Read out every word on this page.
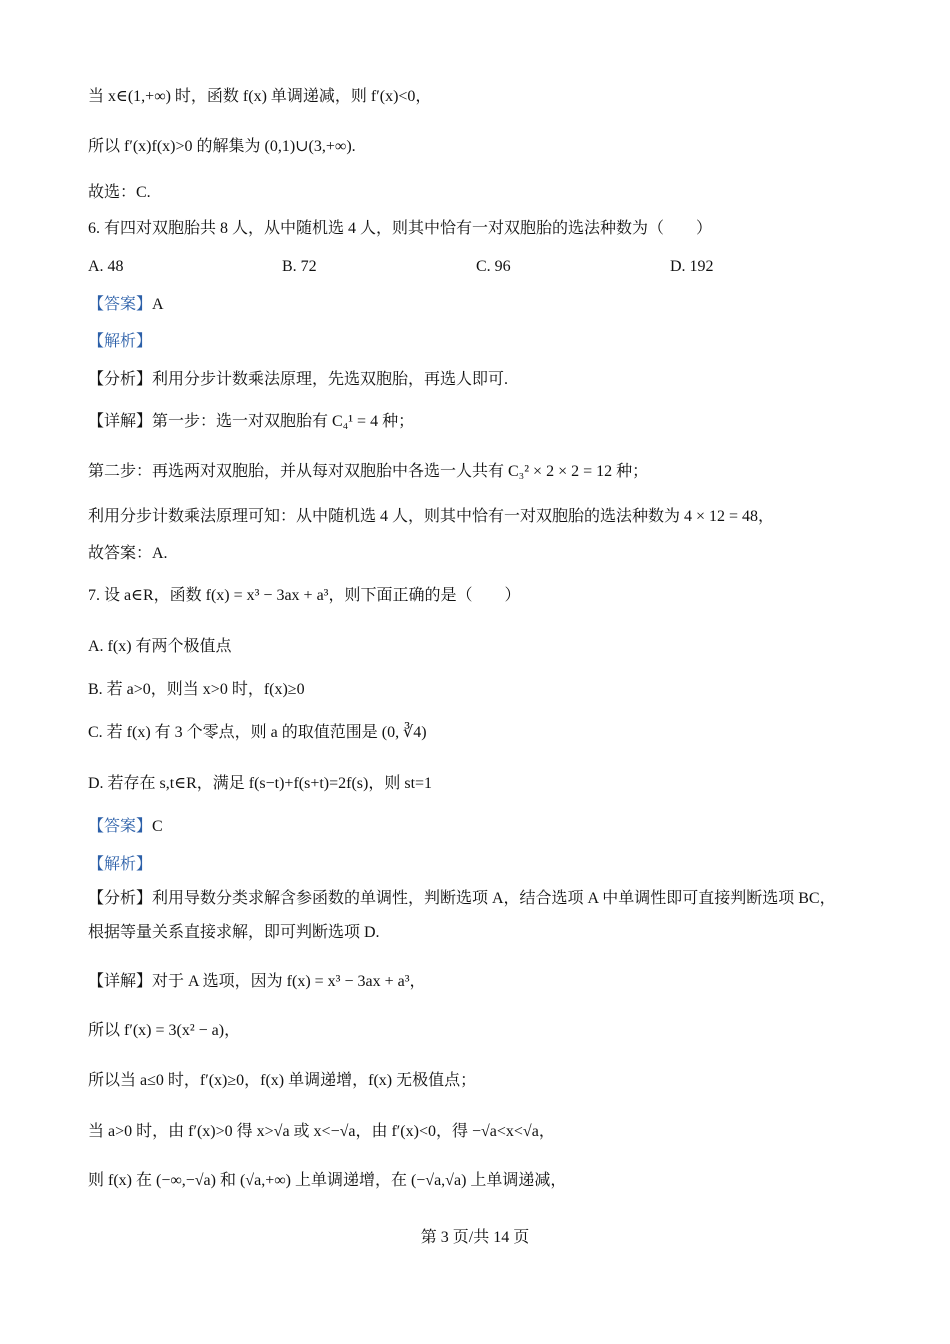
当 x∈(1,+∞) 时，函数 f(x) 单调递减，则 f′(x)<0，
所以 f′(x)f(x)>0 的解集为 (0,1)∪(3,+∞).
故选：C.
6. 有四对双胞胎共 8 人，从中随机选 4 人，则其中恰有一对双胞胎的选法种数为（　　）
A. 48	B. 72	C. 96	D. 192
【答案】A
【解析】
【分析】利用分步计数乘法原理，先选双胞胎，再选人即可.
【详解】第一步：选一对双胞胎有 C₄¹ = 4 种；
第二步：再选两对双胞胎，并从每对双胞胎中各选一人共有 C₃² × 2 × 2 = 12 种；
利用分步计数乘法原理可知：从中随机选 4 人，则其中恰有一对双胞胎的选法种数为 4 × 12 = 48，
故答案：A.
7. 设 a∈R，函数 f(x) = x³ − 3ax + a³，则下面正确的是（　　）
A. f(x) 有两个极值点
B. 若 a>0，则当 x>0 时，f(x)≥0
C. 若 f(x) 有 3 个零点，则 a 的取值范围是 (0, ∛4)
D. 若存在 s,t∈R，满足 f(s−t)+f(s+t)=2f(s)，则 st=1
【答案】C
【解析】
【分析】利用导数分类求解含参函数的单调性，判断选项 A，结合选项 A 中单调性即可直接判断选项 BC，根据等量关系直接求解，即可判断选项 D.
【详解】对于 A 选项，因为 f(x) = x³ − 3ax + a³，
所以 f′(x) = 3(x² − a)，
所以当 a≤0 时，f′(x)≥0，f(x) 单调递增，f(x) 无极值点；
当 a>0 时，由 f′(x)>0 得 x>√a 或 x<−√a，由 f′(x)<0，得 −√a<x<√a，
则 f(x) 在 (−∞,−√a) 和 (√a,+∞) 上单调递增，在 (−√a,√a) 上单调递减，
第 3 页/共 14 页
